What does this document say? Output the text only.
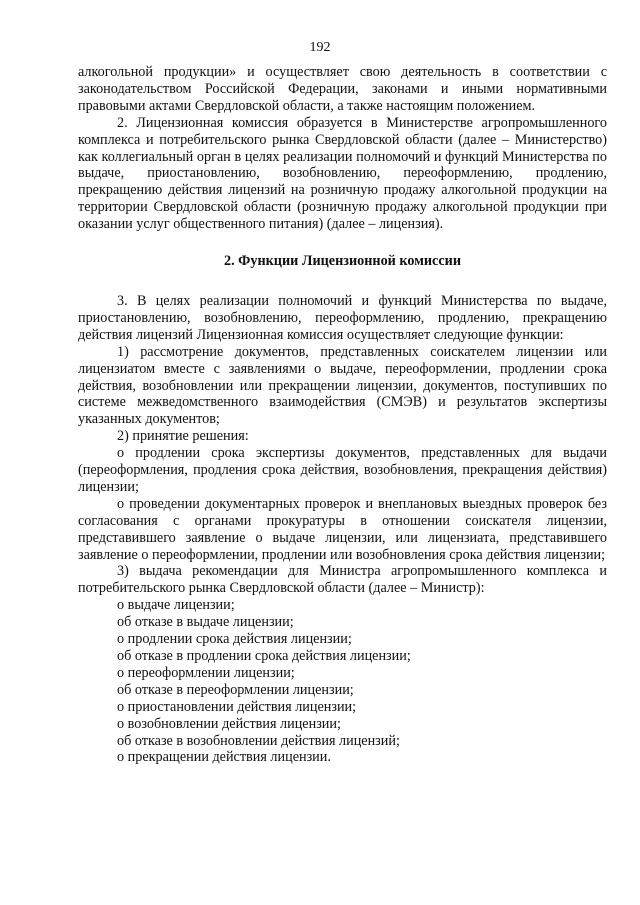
192

алкогольной продукции» и осуществляет свою деятельность в соответствии с законодательством Российской Федерации, законами и иными нормативными правовыми актами Свердловской области, а также настоящим положением.

2. Лицензионная комиссия образуется в Министерстве агропромышленного комплекса и потребительского рынка Свердловской области (далее – Министерство) как коллегиальный орган в целях реализации полномочий и функций Министерства по выдаче, приостановлению, возобновлению, переоформлению, продлению, прекращению действия лицензий на розничную продажу алкогольной продукции на территории Свердловской области (розничную продажу алкогольной продукции при оказании услуг общественного питания) (далее – лицензия).

2. Функции Лицензионной комиссии

3. В целях реализации полномочий и функций Министерства по выдаче, приостановлению, возобновлению, переоформлению, продлению, прекращению действия лицензий Лицензионная комиссия осуществляет следующие функции:

1) рассмотрение документов, представленных соискателем лицензии или лицензиатом вместе с заявлениями о выдаче, переоформлении, продлении срока действия, возобновлении или прекращении лицензии, документов, поступивших по системе межведомственного взаимодействия (СМЭВ) и результатов экспертизы указанных документов;

2) принятие решения:

о продлении срока экспертизы документов, представленных для выдачи (переоформления, продления срока действия, возобновления, прекращения действия) лицензии;

о проведении документарных проверок и внеплановых выездных проверок без согласования с органами прокуратуры в отношении соискателя лицензии, представившего заявление о выдаче лицензии, или лицензиата, представившего заявление о переоформлении, продлении или возобновления срока действия лицензии;

3) выдача рекомендации для Министра агропромышленного комплекса и потребительского рынка Свердловской области (далее – Министр):

о выдаче лицензии;

об отказе в выдаче лицензии;

о продлении срока действия лицензии;

об отказе в продлении срока действия лицензии;

о переоформлении лицензии;

об отказе в переоформлении лицензии;

о приостановлении действия лицензии;

о возобновлении действия лицензии;

об отказе в возобновлении действия лицензий;

о прекращении действия лицензии.
